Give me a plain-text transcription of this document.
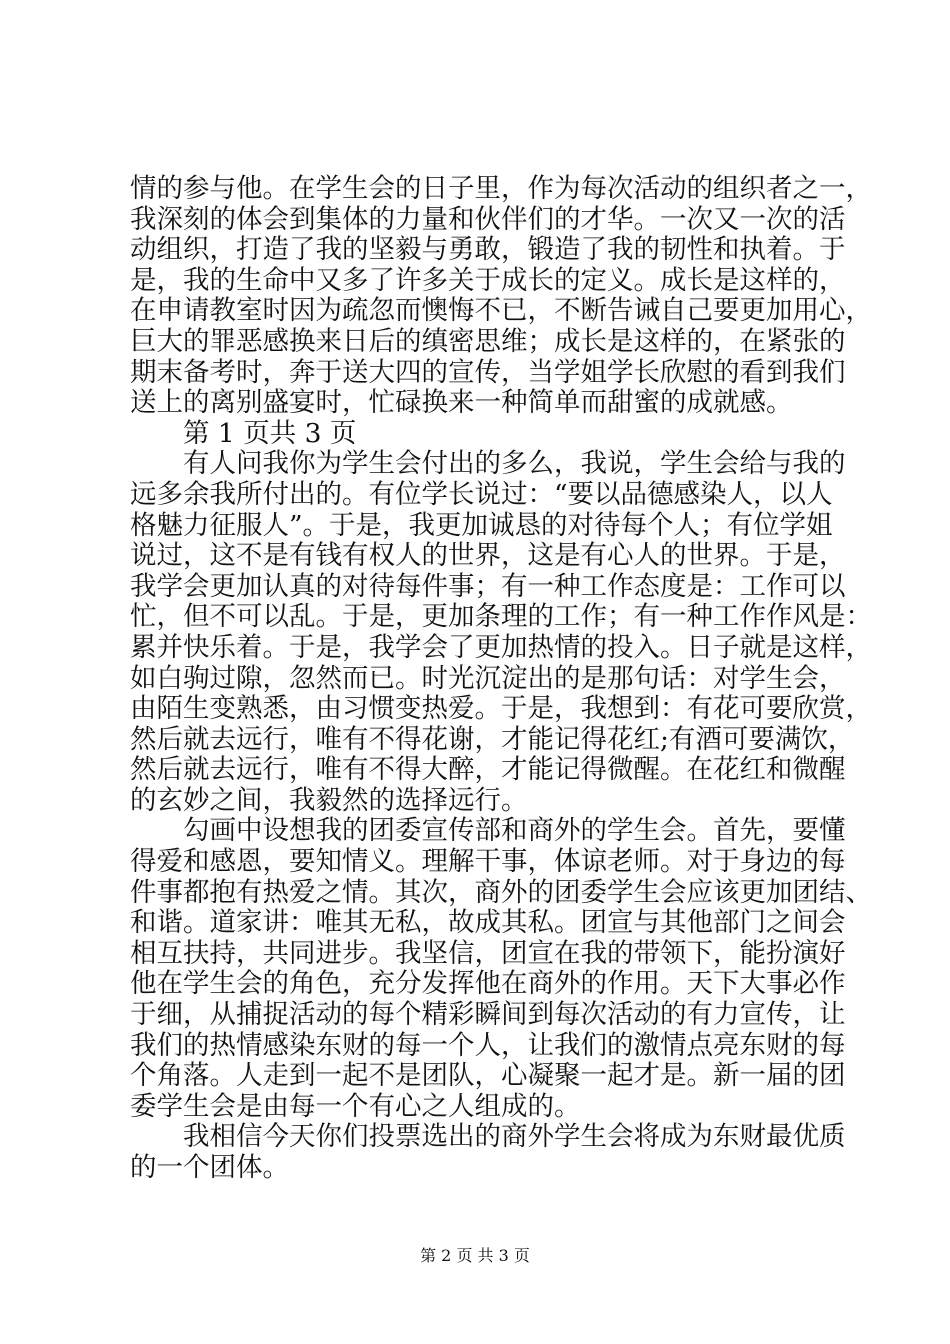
情的参与他。在学生会的日子里，作为每次活动的组织者之一，
我深刻的体会到集体的力量和伙伴们的才华。一次又一次的活
动组织，打造了我的坚毅与勇敢，锻造了我的韧性和执着。于
是，我的生命中又多了许多关于成长的定义。成长是这样的，
在申请教室时因为疏忽而懊悔不已，不断告诫自己要更加用心，
巨大的罪恶感换来日后的缜密思维；成长是这样的，在紧张的
期末备考时，奔于送大四的宣传，当学姐学长欣慰的看到我们
送上的离别盛宴时，忙碌换来一种简单而甜蜜的成就感。
第 1 页共 3 页
有人问我你为学生会付出的多么，我说，学生会给与我的
远多余我所付出的。有位学长说过：“要以品德感染人，以人
格魅力征服人”。于是，我更加诚恳的对待每个人；有位学姐
说过，这不是有钱有权人的世界，这是有心人的世界。于是，
我学会更加认真的对待每件事；有一种工作态度是：工作可以
忙，但不可以乱。于是，更加条理的工作；有一种工作作风是：
累并快乐着。于是，我学会了更加热情的投入。日子就是这样，
如白驹过隙，忽然而已。时光沉淀出的是那句话：对学生会，
由陌生变熟悉，由习惯变热爱。于是，我想到：有花可要欣赏，
然后就去远行，唯有不得花谢，才能记得花红;有酒可要满饮，
然后就去远行，唯有不得大醉，才能记得微醒。在花红和微醒
的玄妙之间，我毅然的选择远行。
勾画中设想我的团委宣传部和商外的学生会。首先，要懂
得爱和感恩，要知情义。理解干事，体谅老师。对于身边的每
件事都抱有热爱之情。其次，商外的团委学生会应该更加团结、
和谐。道家讲：唯其无私，故成其私。团宣与其他部门之间会
相互扶持，共同进步。我坚信，团宣在我的带领下，能扮演好
他在学生会的角色，充分发挥他在商外的作用。天下大事必作
于细，从捕捉活动的每个精彩瞬间到每次活动的有力宣传，让
我们的热情感染东财的每一个人，让我们的激情点亮东财的每
个角落。人走到一起不是团队，心凝聚一起才是。新一届的团
委学生会是由每一个有心之人组成的。
我相信今天你们投票选出的商外学生会将成为东财最优质
的一个团体。
第 2 页 共 3 页
